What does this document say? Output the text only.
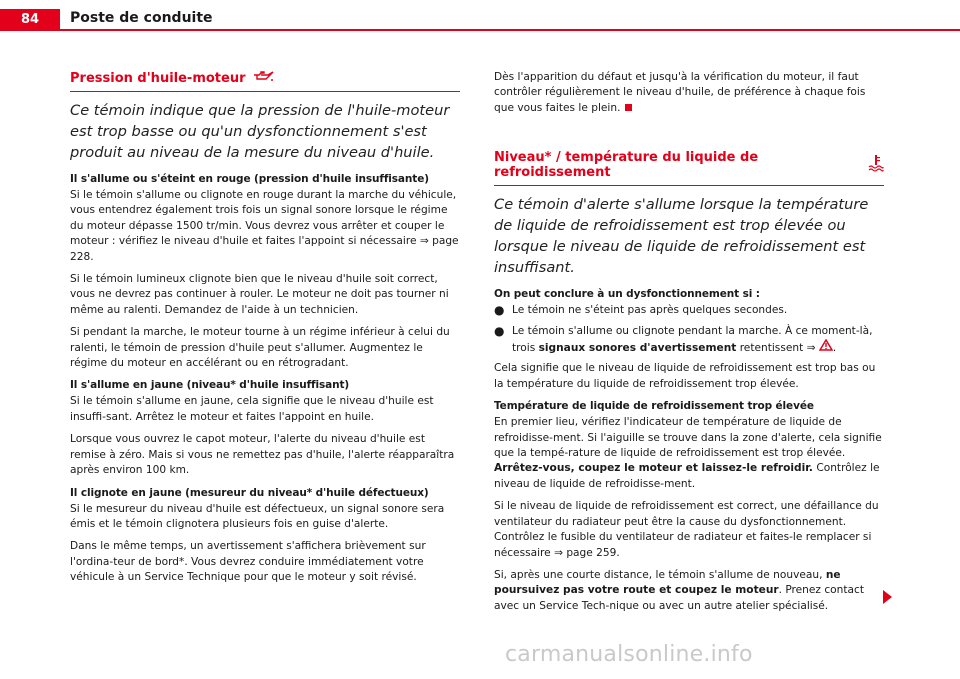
84	Poste de conduite
Pression d'huile-moteur

Ce témoin indique que la pression de l'huile-moteur est trop basse ou qu'un dysfonctionnement s'est produit au niveau de la mesure du niveau d'huile.

Il s'allume ou s'éteint en rouge (pression d'huile insuffisante)

Si le témoin s'allume ou clignote en rouge durant la marche du véhicule, vous entendrez également trois fois un signal sonore lorsque le régime du moteur dépasse 1500 tr/min. Vous devrez vous arrêter et couper le moteur : vérifiez le niveau d'huile et faites l'appoint si nécessaire ⇒ page 228.

Si le témoin lumineux clignote bien que le niveau d'huile soit correct, vous ne devrez pas continuer à rouler. Le moteur ne doit pas tourner ni même au ralenti. Demandez de l'aide à un technicien.

Si pendant la marche, le moteur tourne à un régime inférieur à celui du ralenti, le témoin de pression d'huile peut s'allumer. Augmentez le régime du moteur en accélérant ou en rétrogradant.

Il s'allume en jaune (niveau* d'huile insuffisant)

Si le témoin s'allume en jaune, cela signifie que le niveau d'huile est insuffi-sant. Arrêtez le moteur et faites l'appoint en huile.

Lorsque vous ouvrez le capot moteur, l'alerte du niveau d'huile est remise à zéro. Mais si vous ne remettez pas d'huile, l'alerte réapparaîtra après environ 100 km.

Il clignote en jaune (mesureur du niveau* d'huile défectueux)

Si le mesureur du niveau d'huile est défectueux, un signal sonore sera émis et le témoin clignotera plusieurs fois en guise d'alerte.

Dans le même temps, un avertissement s'affichera brièvement sur l'ordina-teur de bord*. Vous devrez conduire immédiatement votre véhicule à un Service Technique pour que le moteur y soit révisé.

Dès l'apparition du défaut et jusqu'à la vérification du moteur, il faut contrôler régulièrement le niveau d'huile, de préférence à chaque fois que vous faites le plein.

Niveau* / température du liquide de refroidissement

Ce témoin d'alerte s'allume lorsque la température de liquide de refroidissement est trop élevée ou lorsque le niveau de liquide de refroidissement est insuffisant.

On peut conclure à un dysfonctionnement si :
● Le témoin ne s'éteint pas après quelques secondes.
● Le témoin s'allume ou clignote pendant la marche. À ce moment-là, trois signaux sonores d'avertissement retentissent ⇒ .

Cela signifie que le niveau de liquide de refroidissement est trop bas ou la température du liquide de refroidissement trop élevée.

Température de liquide de refroidissement trop élevée

En premier lieu, vérifiez l'indicateur de température de liquide de refroidisse-ment. Si l'aiguille se trouve dans la zone d'alerte, cela signifie que la tempé-rature de liquide de refroidissement est trop élevée. Arrêtez-vous, coupez le moteur et laissez-le refroidir. Contrôlez le niveau de liquide de refroidisse-ment.

Si le niveau de liquide de refroidissement est correct, une défaillance du ventilateur du radiateur peut être la cause du dysfonctionnement. Contrôlez le fusible du ventilateur de radiateur et faites-le remplacer si nécessaire ⇒ page 259.

Si, après une courte distance, le témoin s'allume de nouveau, ne poursuivez pas votre route et coupez le moteur. Prenez contact avec un Service Tech-nique ou avec un autre atelier spécialisé.

carmanualsonline.info
